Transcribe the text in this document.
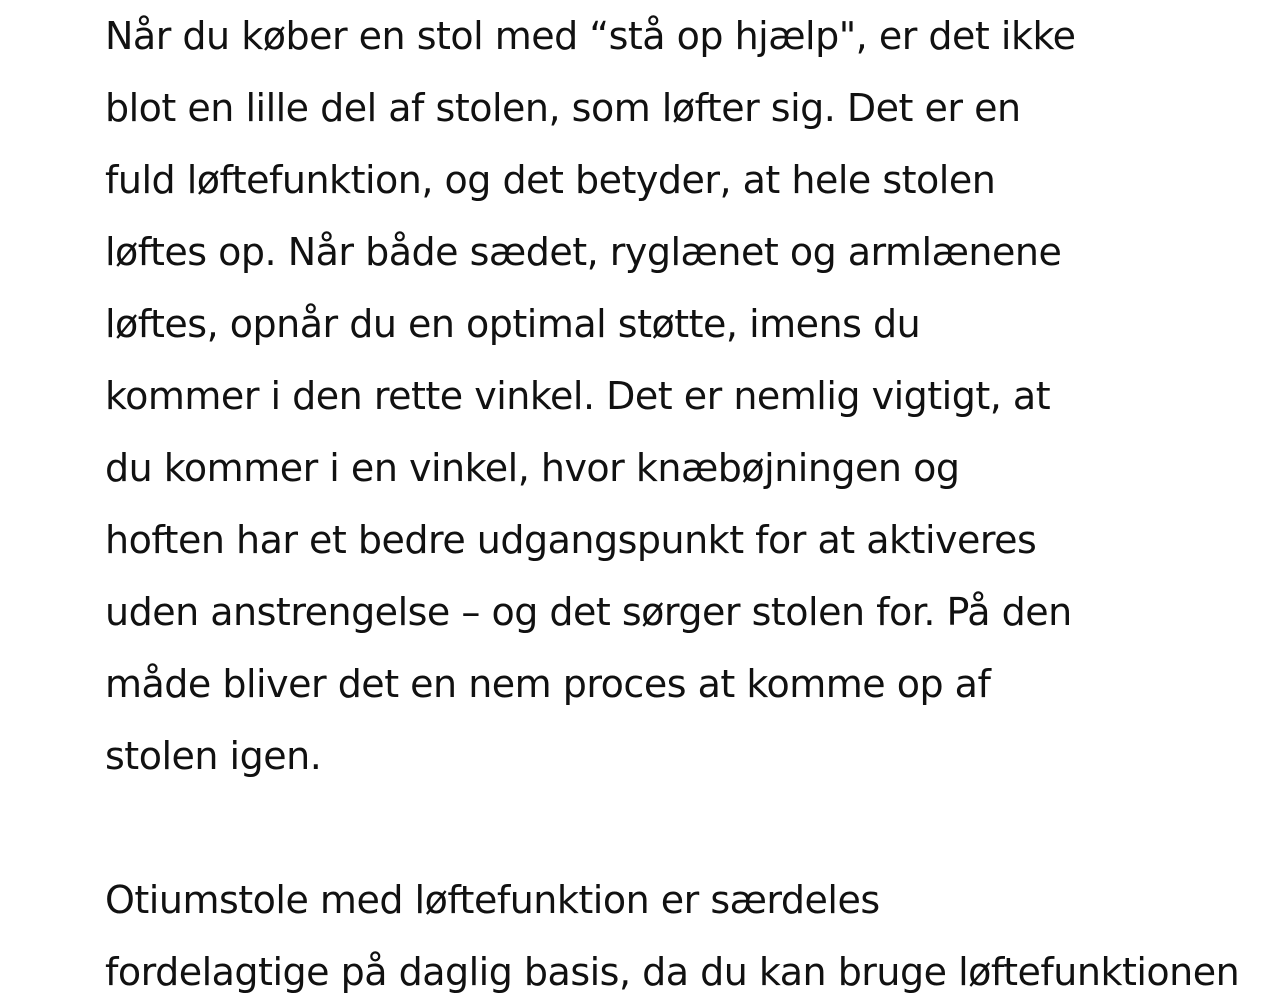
Når du køber en stol med “stå op hjælp", er det ikke
blot en lille del af stolen, som løfter sig. Det er en
fuld løftefunktion, og det betyder, at hele stolen
løftes op. Når både sædet, ryglænet og armlænene
løftes, opnår du en optimal støtte, imens du
kommer i den rette vinkel. Det er nemlig vigtigt, at
du kommer i en vinkel, hvor knæbøjningen og
hoften har et bedre udgangspunkt for at aktiveres
uden anstrengelse – og det sørger stolen for. På den
måde bliver det en nem proces at komme op af
stolen igen.
Otiumstole med løftefunktion er særdeles
fordelagtige på daglig basis, da du kan bruge løftefunktionen
